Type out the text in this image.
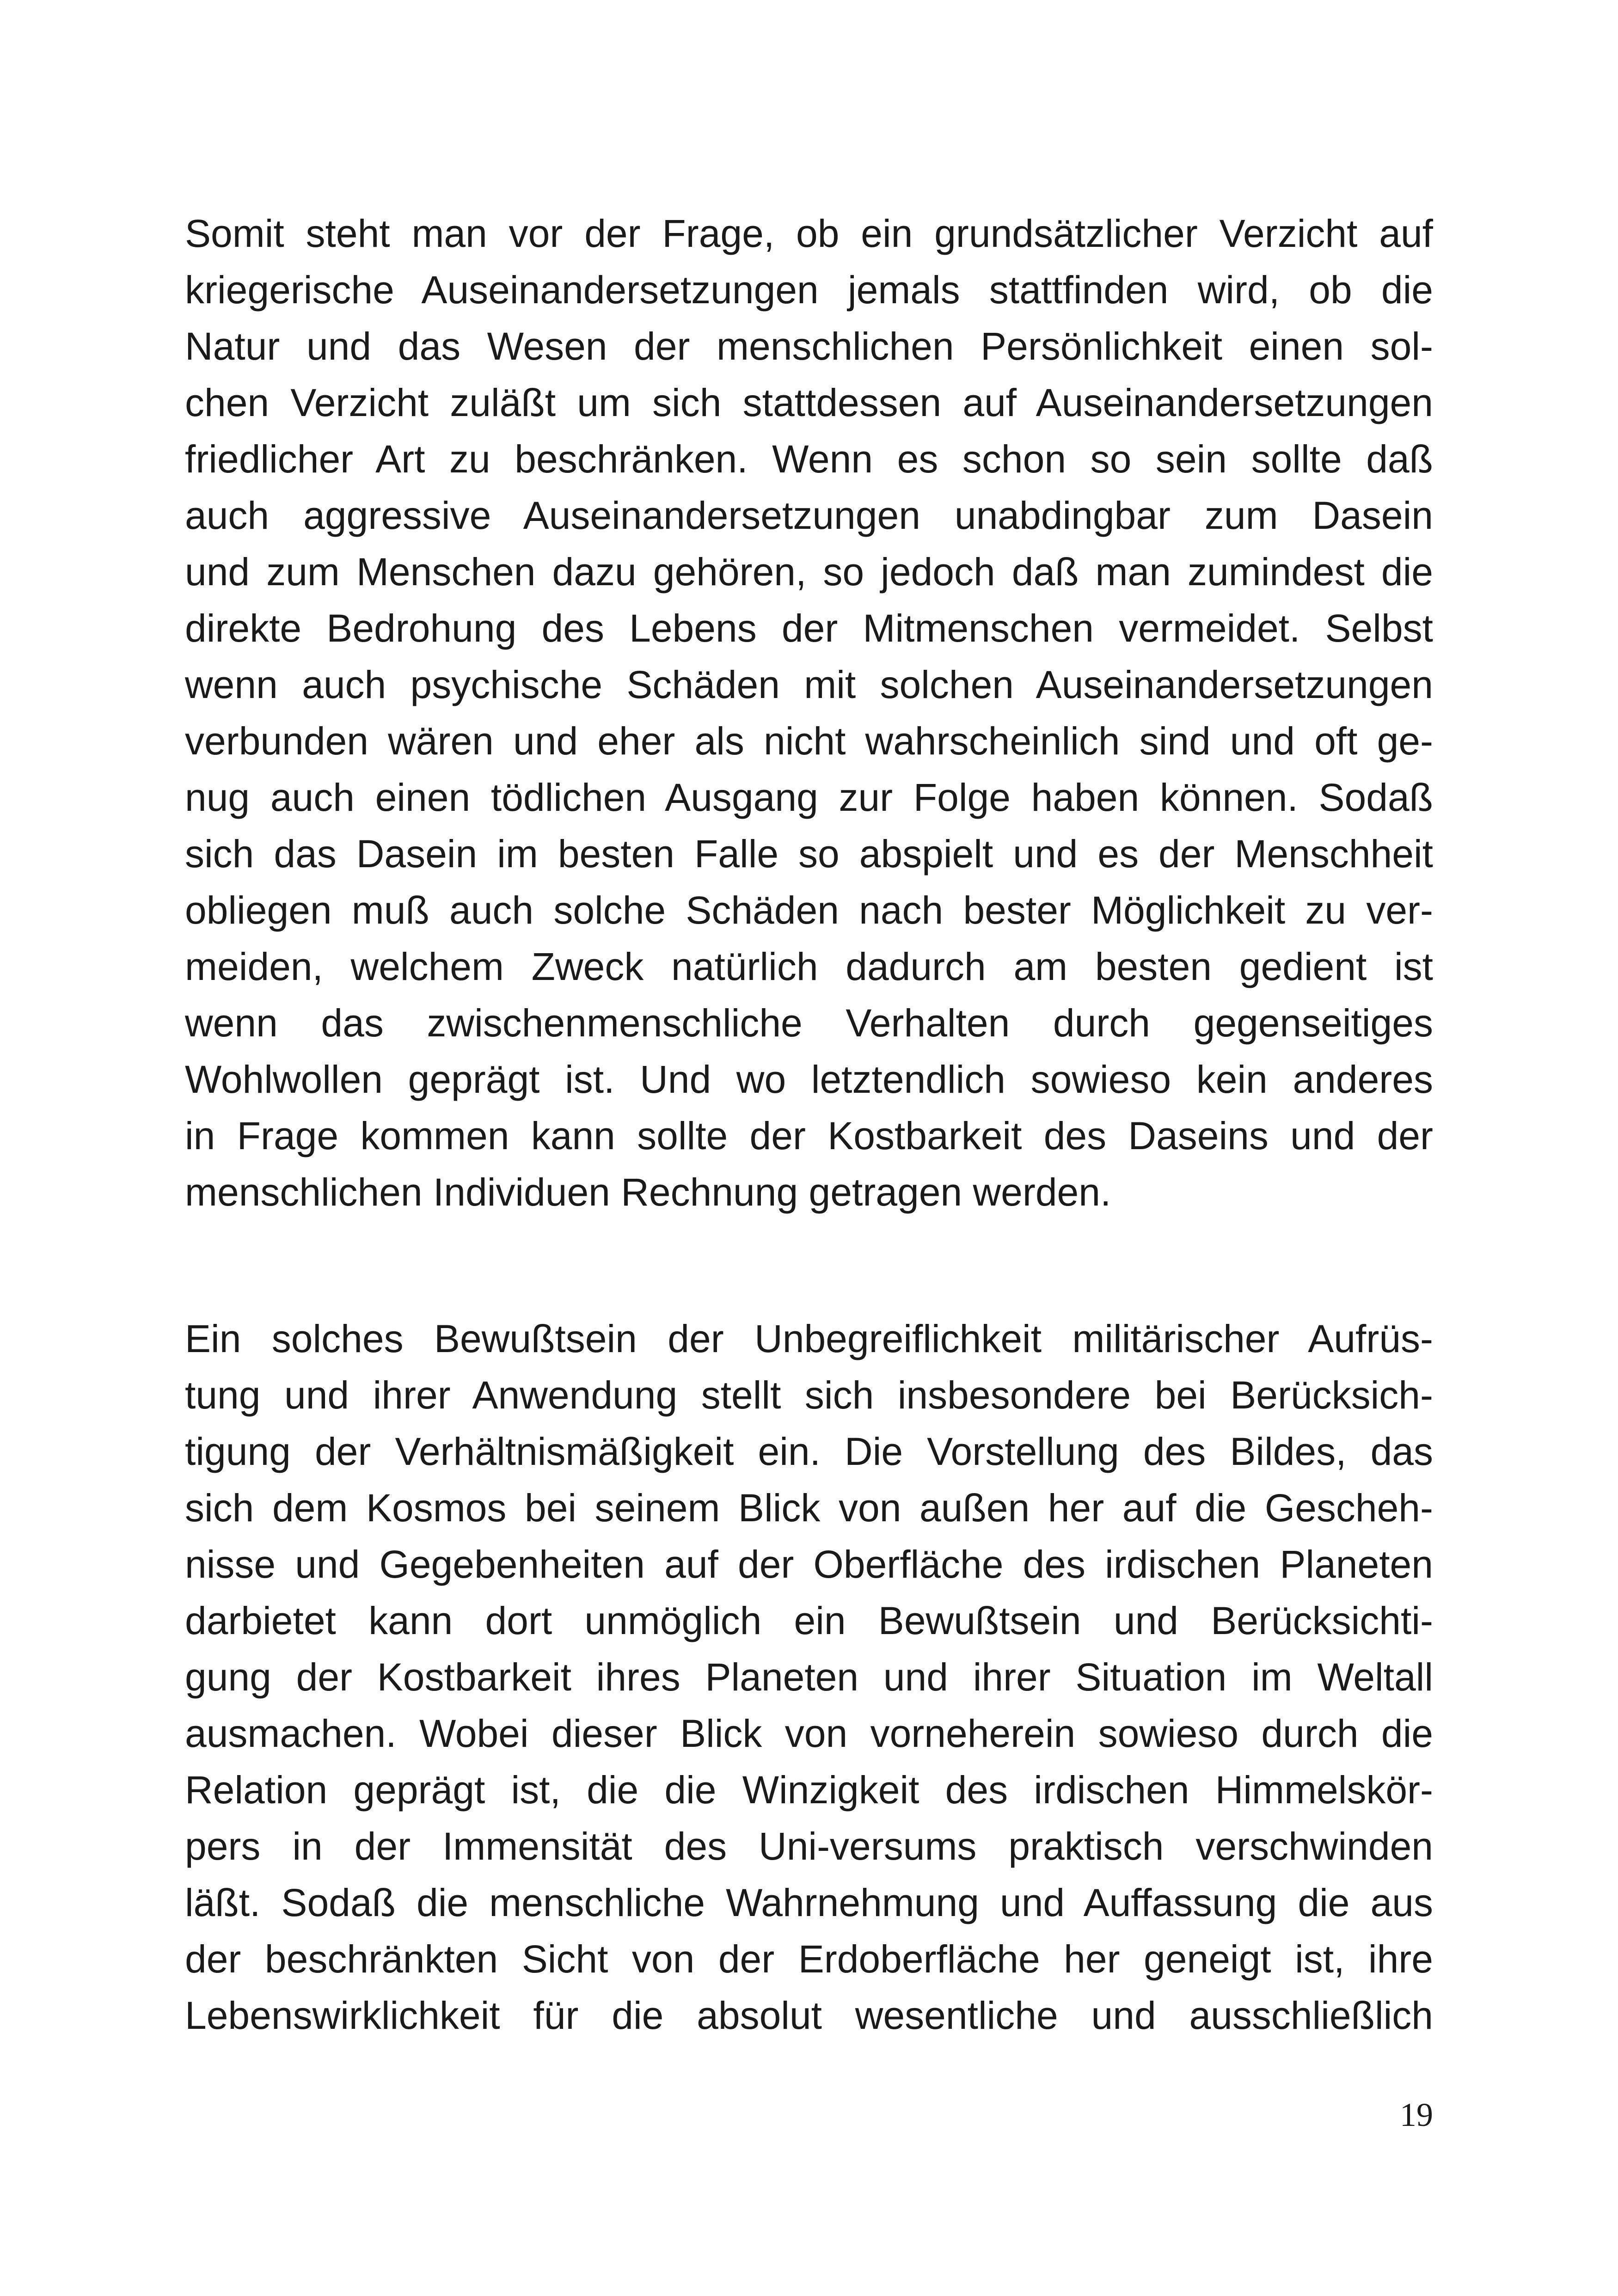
Somit steht man vor der Frage, ob ein grundsätzlicher Verzicht auf
kriegerische Auseinandersetzungen jemals stattfinden wird, ob die
Natur und das Wesen der menschlichen Persönlichkeit einen sol-
chen Verzicht zuläßt um sich stattdessen auf Auseinandersetzungen
friedlicher Art zu beschränken. Wenn es schon so sein sollte daß
auch aggressive Auseinandersetzungen unabdingbar zum Dasein
und zum Menschen dazu gehören, so jedoch daß man zumindest die
direkte Bedrohung des Lebens der Mitmenschen vermeidet. Selbst
wenn auch psychische Schäden mit solchen Auseinandersetzungen
verbunden wären und eher als nicht wahrscheinlich sind und oft ge-
nug auch einen tödlichen Ausgang zur Folge haben können. Sodaß
sich das Dasein im besten Falle so abspielt und es der Menschheit
obliegen muß auch solche Schäden nach bester Möglichkeit zu ver-
meiden, welchem Zweck natürlich dadurch am besten gedient ist
wenn das zwischenmenschliche Verhalten durch gegenseitiges
Wohlwollen geprägt ist. Und wo letztendlich sowieso kein anderes
in Frage kommen kann sollte der Kostbarkeit des Daseins und der
menschlichen Individuen Rechnung getragen werden.
Ein solches Bewußtsein der Unbegreiflichkeit militärischer Aufrüs-
tung und ihrer Anwendung stellt sich insbesondere bei Berücksich-
tigung der Verhältnismäßigkeit ein. Die Vorstellung des Bildes, das
sich dem Kosmos bei seinem Blick von außen her auf die Gescheh-
nisse und Gegebenheiten auf der Oberfläche des irdischen Planeten
darbietet kann dort unmöglich ein Bewußtsein und Berücksichti-
gung der Kostbarkeit ihres Planeten und ihrer Situation im Weltall
ausmachen. Wobei dieser Blick von vorneherein sowieso durch die
Relation geprägt ist, die die Winzigkeit des irdischen Himmelskör-
pers in der Immensität des Uni-versums praktisch verschwinden
läßt. Sodaß die menschliche Wahrnehmung und Auffassung die aus
der beschränkten Sicht von der Erdoberfläche her geneigt ist, ihre
Lebenswirklichkeit für die absolut wesentliche und ausschließlich
19
